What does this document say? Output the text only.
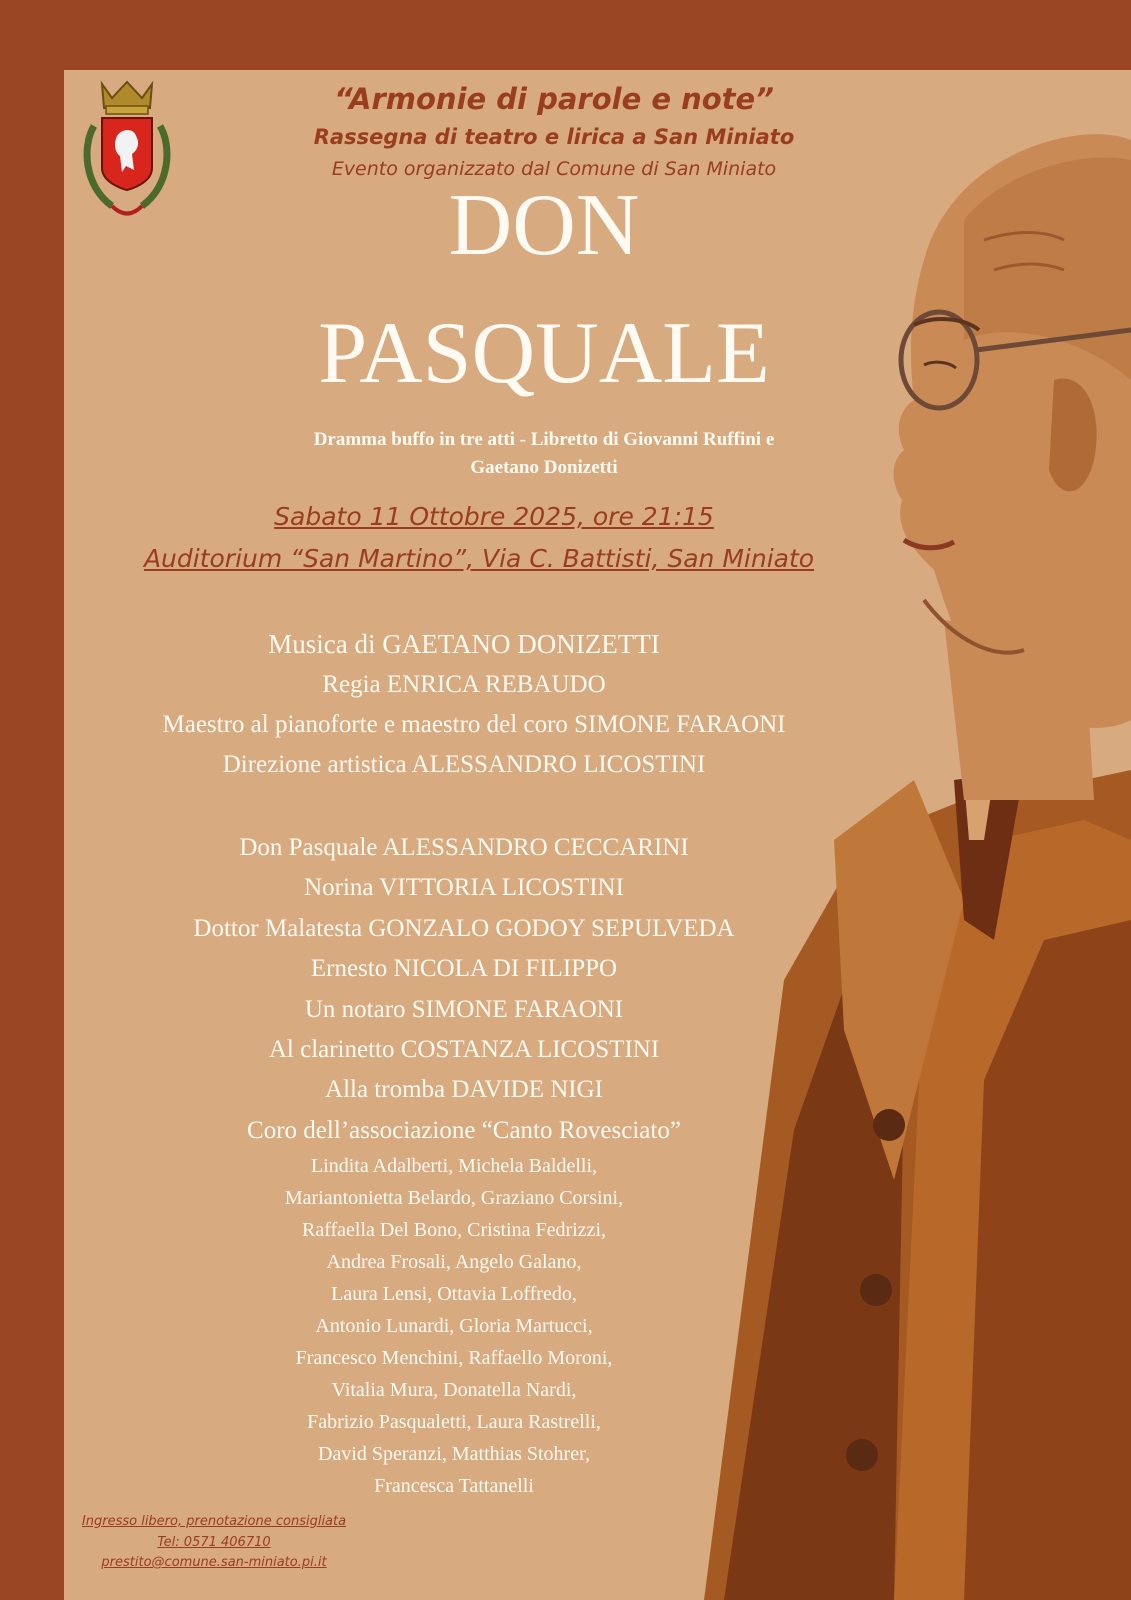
“Armonie di parole e note”
Rassegna di teatro e lirica a San Miniato
Evento organizzato dal Comune di San Miniato
DON
PASQUALE
Dramma buffo in tre atti - Libretto di Giovanni Ruffini e
Gaetano Donizetti
Sabato 11 Ottobre 2025, ore 21:15
Auditorium “San Martino”, Via C. Battisti, San Miniato
Musica di GAETANO DONIZETTI
Regia ENRICA REBAUDO
Maestro al pianoforte e maestro del coro SIMONE FARAONI
Direzione artistica ALESSANDRO LICOSTINI
Don Pasquale ALESSANDRO CECCARINI
Norina VITTORIA LICOSTINI
Dottor Malatesta GONZALO GODOY SEPULVEDA
Ernesto NICOLA DI FILIPPO
Un notaro SIMONE FARAONI
Al clarinetto COSTANZA LICOSTINI
Alla tromba DAVIDE NIGI
Coro dell’associazione “Canto Rovesciato”
Lindita Adalberti, Michela Baldelli,
Mariantonietta Belardo, Graziano Corsini,
Raffaella Del Bono, Cristina Fedrizzi,
Andrea Frosali, Angelo Galano,
Laura Lensi, Ottavia Loffredo,
Antonio Lunardi, Gloria Martucci,
Francesco Menchini, Raffaello Moroni,
Vitalia Mura, Donatella Nardi,
Fabrizio Pasqualetti, Laura Rastrelli,
David Speranzi, Matthias Stohrer,
Francesca Tattanelli
Ingresso libero, prenotazione consigliata
Tel: 0571 406710
prestito@comune.san-miniato.pi.it
